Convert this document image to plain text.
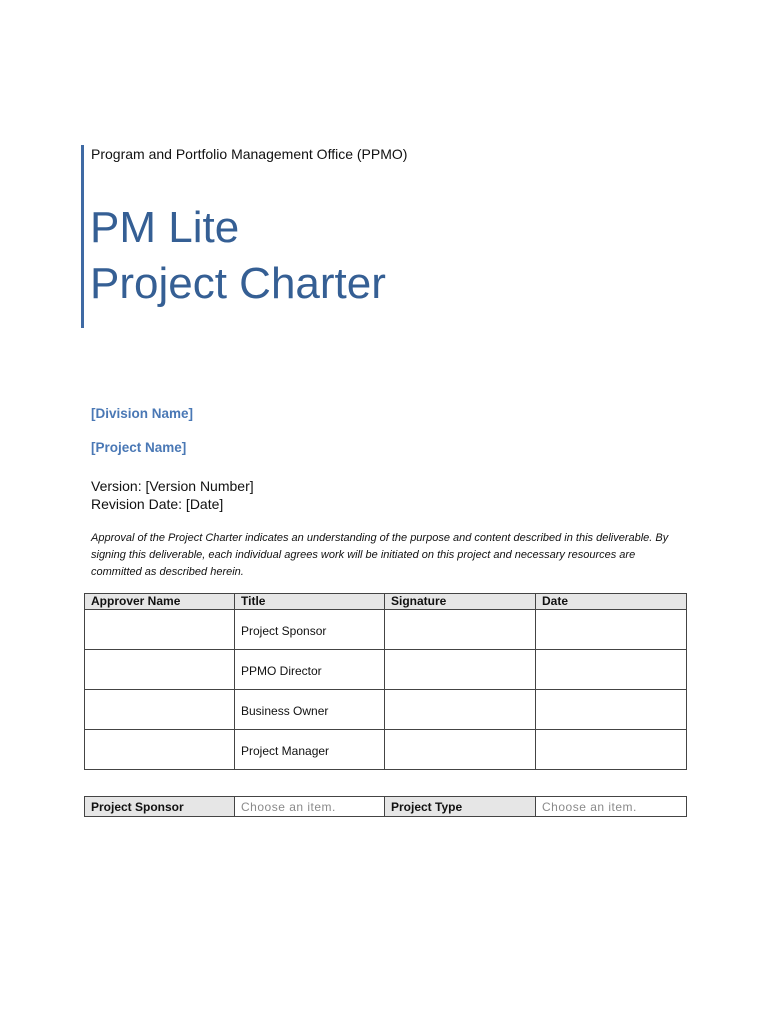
Program and Portfolio Management Office (PPMO)
PM Lite
Project Charter
[Division Name]
[Project Name]
Version: [Version Number]
Revision Date: [Date]
Approval of the Project Charter indicates an understanding of the purpose and content described in this deliverable. By signing this deliverable, each individual agrees work will be initiated on this project and necessary resources are committed as described herein.
Approver Name	Title	Signature	Date
	Project Sponsor		
	PPMO Director		
	Business Owner		
	Project Manager		
Project Sponsor	Choose an item.	Project Type	Choose an item.
